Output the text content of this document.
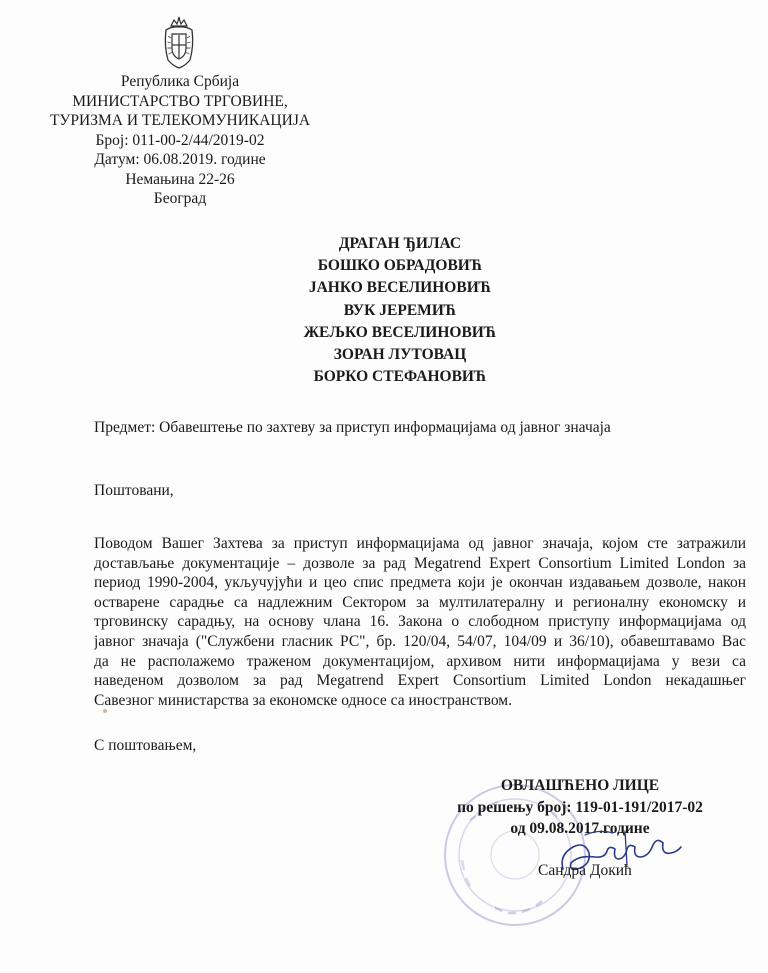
Република Србија
МИНИСТАРСТВО ТРГОВИНЕ,
ТУРИЗМА И ТЕЛЕКОМУНИКАЦИЈА
Број: 011-00-2/44/2019-02
Датум: 06.08.2019. године
Немањина 22-26
Београд
ДРАГАН ЂИЛАС
БОШКО ОБРАДОВИЋ
ЈАНКО ВЕСЕЛИНОВИЋ
ВУК ЈЕРЕМИЋ
ЖЕЉКО ВЕСЕЛИНОВИЋ
ЗОРАН ЛУТОВАЦ
БОРКО СТЕФАНОВИЋ
Предмет: Обавештење по захтеву за приступ информацијама од јавног значаја
Поштовани,
Поводом Вашег Захтева за приступ информацијама од јавног значаја, којом сте затражили
достављање документације – дозволе за рад Megatrend Expert Consortium Limited London за
период 1990-2004, укључујући и цео спис предмета који је окончан издавањем дозволе, након
остварене сарадње са надлежним Сектором за мултилатералну и регионалну економску и
трговинску сарадњу, на основу члана 16. Закона о слободном приступу информацијама од
јавног значаја ("Службени гласник РС", бр. 120/04, 54/07, 104/09 и 36/10), обавештавамо Вас
да не располажемо траженом документацијом, архивом нити информацијама у вези са
наведеном дозволом за рад Megatrend Expert Consortium Limited London некадашњег
Савезног министарства за економске односе са иностранством.
С поштовањем,
ОВЛАШЋЕНО ЛИЦЕ
по решењу број: 119-01-191/2017-02
од 09.08.2017.године
Сандра Докић
